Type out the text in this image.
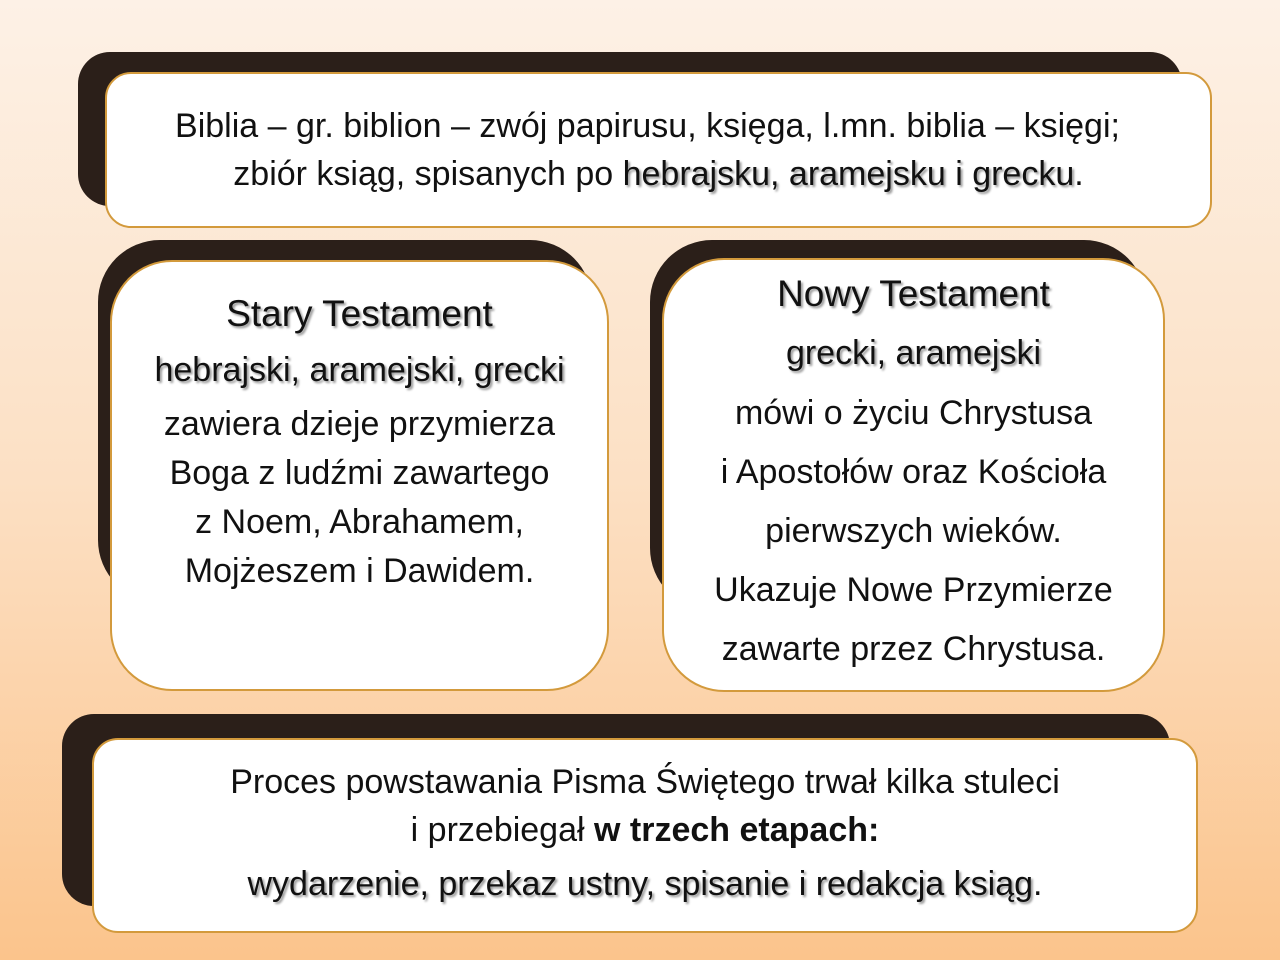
Biblia – gr. biblion – zwój papirusu, księga, l.mn. biblia – księgi;
zbiór ksiąg, spisanych po hebrajsku, aramejsku i grecku.
Stary Testament
hebrajski, aramejski, grecki
zawiera dzieje przymierza
Boga z ludźmi zawartego
z Noem, Abrahamem,
Mojżeszem i Dawidem.
Nowy Testament
grecki, aramejski
mówi o życiu Chrystusa
i Apostołów oraz Kościoła
pierwszych wieków.
Ukazuje Nowe Przymierze
zawarte przez Chrystusa.
Proces powstawania Pisma Świętego trwał kilka stuleci
i przebiegał w trzech etapach:
wydarzenie, przekaz ustny, spisanie i redakcja ksiąg.
